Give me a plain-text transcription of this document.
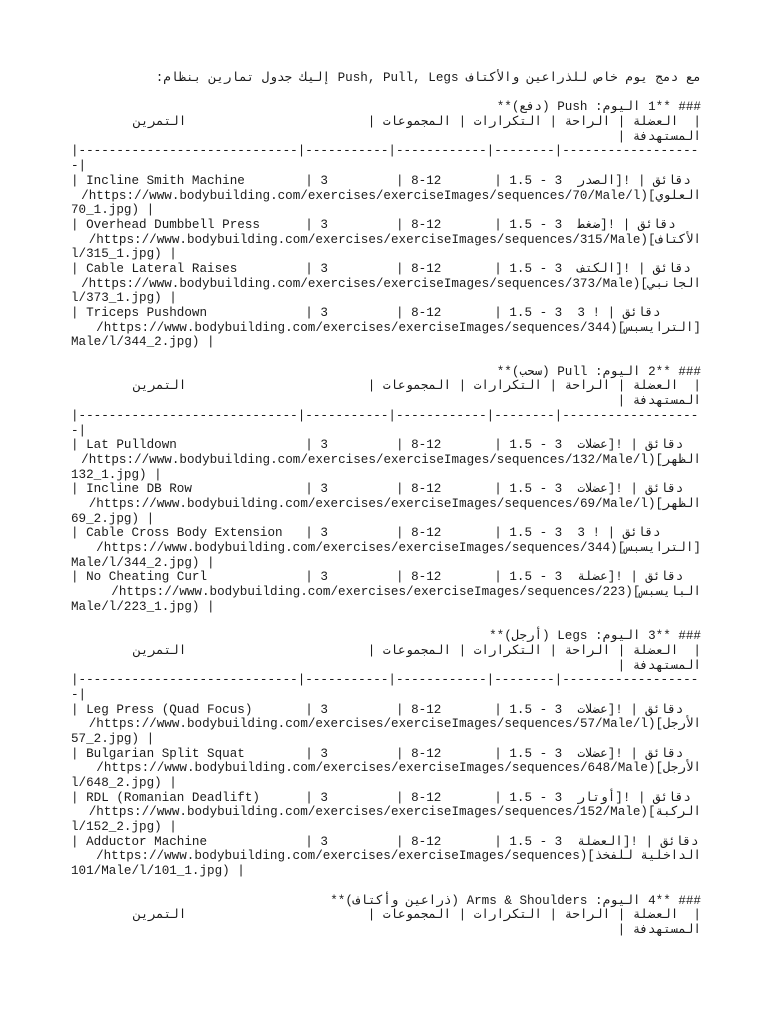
مع دمج يوم خاص للذراعين والأكتاف Push, Pull, Legs إليك جدول تمارين بنظام:
### **1 اليوم: Push (دفع)**
|  العضلة | الراحة | التكرارات | المجموعات |                        التمرين
المستهدفة |
|-----------------------------|-----------|------------|--------|------------------
-|
| Incline Smith Machine        | 3         | 8-12       | 1.5 - 3  دقائق | ![الصدر
العلوي](https://www.bodybuilding.com/exercises/exerciseImages/sequences/70/Male/l/
70_1.jpg) |
| Overhead Dumbbell Press      | 3         | 8-12       | 1.5 - 3  دقائق | ![ضغط
الأكتاف](https://www.bodybuilding.com/exercises/exerciseImages/sequences/315/Male/
l/315_1.jpg) |
| Cable Lateral Raises         | 3         | 8-12       | 1.5 - 3  دقائق | ![الكتف
الجانبي](https://www.bodybuilding.com/exercises/exerciseImages/sequences/373/Male/
l/373_1.jpg) |
| Triceps Pushdown             | 3         | 8-12       | 1.5 - 3  دقائق | ! 3
[الترايسبس](https://www.bodybuilding.com/exercises/exerciseImages/sequences/344/
Male/l/344_2.jpg) |
### **2 اليوم: Pull (سحب)**
|  العضلة | الراحة | التكرارات | المجموعات |                        التمرين
المستهدفة |
|-----------------------------|-----------|------------|--------|------------------
-|
| Lat Pulldown                 | 3         | 8-12       | 1.5 - 3  دقائق | ![عضلات
الظهر](https://www.bodybuilding.com/exercises/exerciseImages/sequences/132/Male/l/
132_1.jpg) |
| Incline DB Row               | 3         | 8-12       | 1.5 - 3  دقائق | ![عضلات
الظهر](https://www.bodybuilding.com/exercises/exerciseImages/sequences/69/Male/l/
69_2.jpg) |
| Cable Cross Body Extension   | 3         | 8-12       | 1.5 - 3  دقائق | ! 3
[الترايسبس](https://www.bodybuilding.com/exercises/exerciseImages/sequences/344/
Male/l/344_2.jpg) |
| No Cheating Curl             | 3         | 8-12       | 1.5 - 3  دقائق | ![عضلة
البايسبس](https://www.bodybuilding.com/exercises/exerciseImages/sequences/223/
Male/l/223_1.jpg) |
### **3 اليوم: Legs (أرجل)**
|  العضلة | الراحة | التكرارات | المجموعات |                        التمرين
المستهدفة |
|-----------------------------|-----------|------------|--------|------------------
-|
| Leg Press (Quad Focus)       | 3         | 8-12       | 1.5 - 3  دقائق | ![عضلات
الأرجل](https://www.bodybuilding.com/exercises/exerciseImages/sequences/57/Male/l/
57_2.jpg) |
| Bulgarian Split Squat        | 3         | 8-12       | 1.5 - 3  دقائق | ![عضلات
الأرجل](https://www.bodybuilding.com/exercises/exerciseImages/sequences/648/Male/
l/648_2.jpg) |
| RDL (Romanian Deadlift)      | 3         | 8-12       | 1.5 - 3  دقائق | ![أوتار
الركبة](https://www.bodybuilding.com/exercises/exerciseImages/sequences/152/Male/
l/152_2.jpg) |
| Adductor Machine             | 3         | 8-12       | 1.5 - 3  دقائق | ![العضلة
الداخلية للفخذ](https://www.bodybuilding.com/exercises/exerciseImages/sequences/
101/Male/l/101_1.jpg) |
### **4 اليوم: Arms & Shoulders (ذراعين وأكتاف)**
|  العضلة | الراحة | التكرارات | المجموعات |                        التمرين
المستهدفة |
